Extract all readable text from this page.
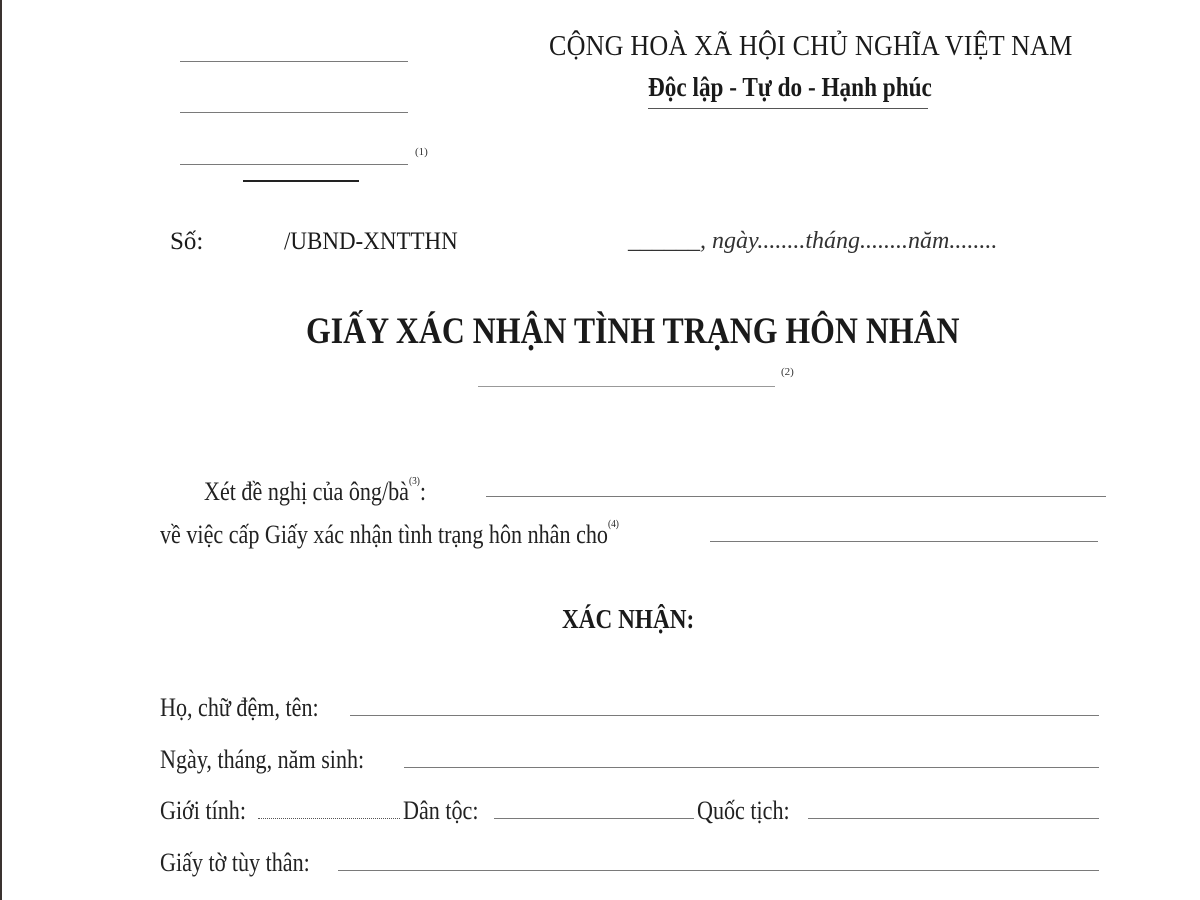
(1)
CỘNG HOÀ XÃ HỘI CHỦ NGHĨA VIỆT NAM
Độc lập - Tự do - Hạnh phúc
Số:	/UBND-XNTTHN	______, ngày........tháng........năm........
GIẤY XÁC NHẬN TÌNH TRẠNG HÔN NHÂN
(2)
Xét đề nghị của ông/$bà^{(3)}$:
về việc cấp Giấy xác nhận tình trạng hôn nhân cho$^{(4)}$
XÁC NHẬN:
Họ, chữ đệm, tên:
Ngày, tháng, năm sinh:
Giới tính:	Dân tộc:	Quốc tịch:
Giấy tờ tùy thân:
